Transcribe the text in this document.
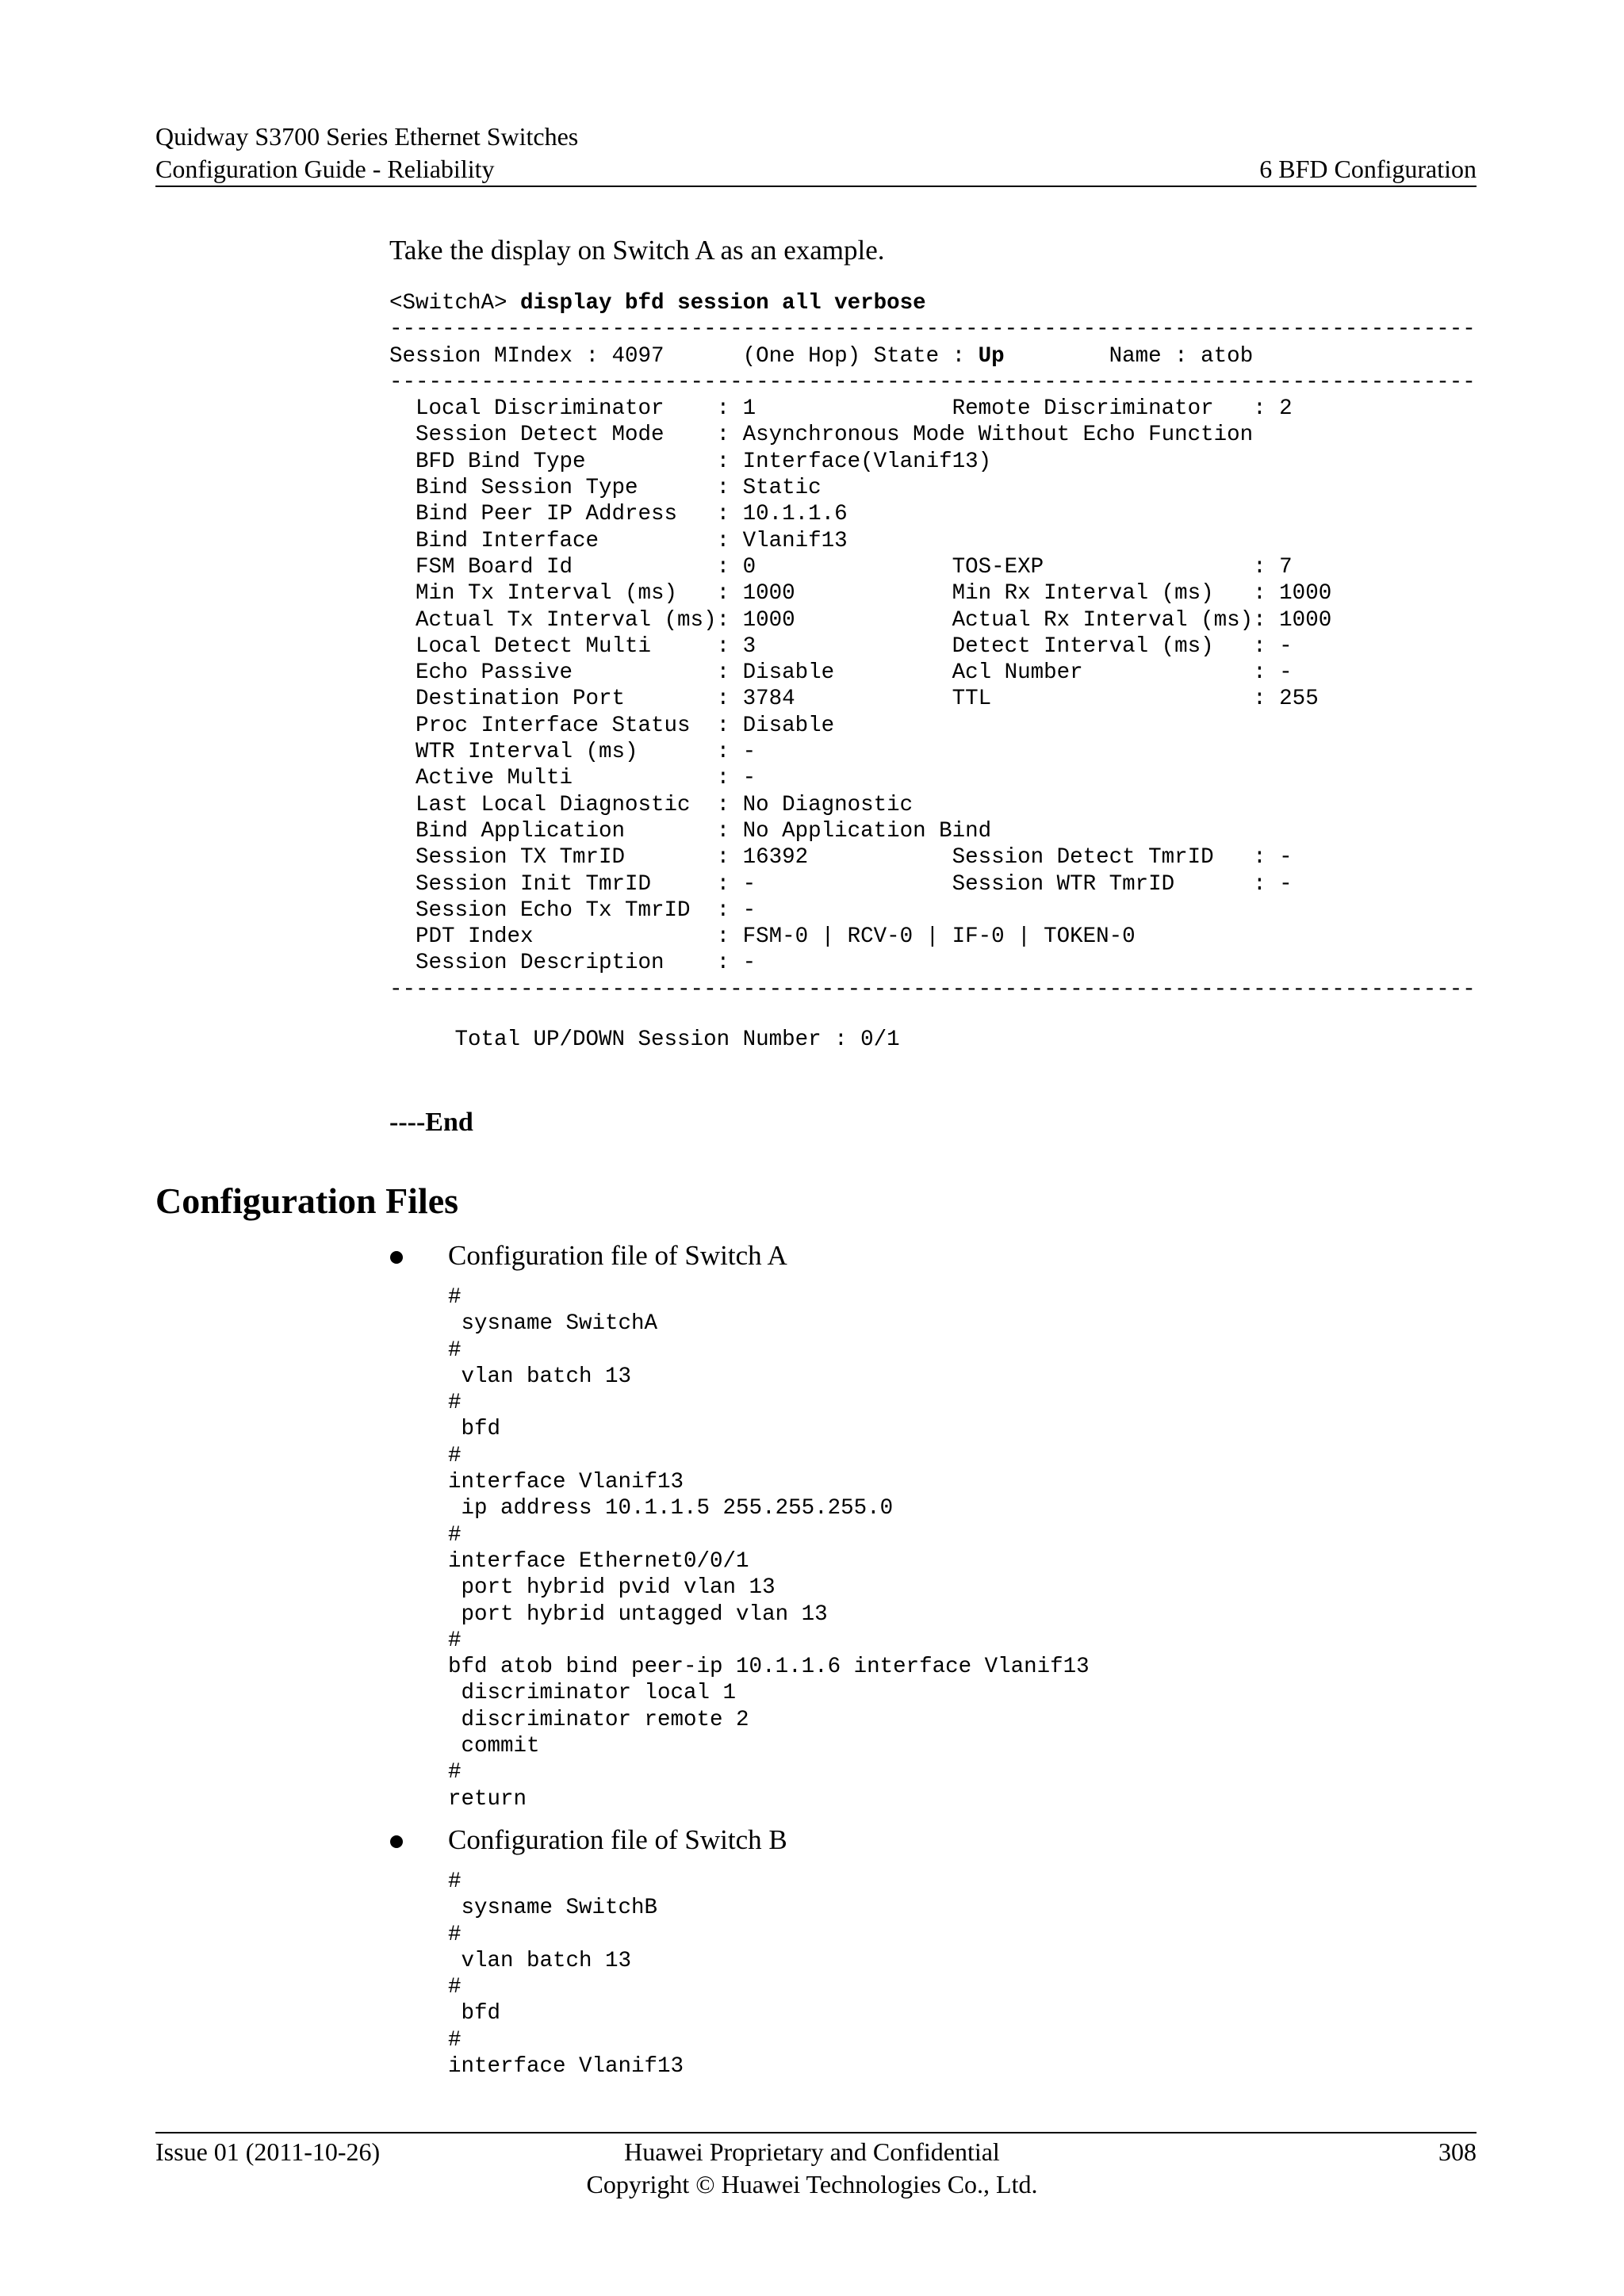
Quidway S3700 Series Ethernet Switches
Configuration Guide - Reliability	6 BFD Configuration
Take the display on Switch A as an example.
<SwitchA> display bfd session all verbose
-----------------------------------------------------------------------------------
Session MIndex : 4097      (One Hop) State : Up        Name : atob
-----------------------------------------------------------------------------------
Local Discriminator    : 1               Remote Discriminator   : 2
Session Detect Mode    : Asynchronous Mode Without Echo Function
BFD Bind Type          : Interface(Vlanif13)
Bind Session Type      : Static
Bind Peer IP Address   : 10.1.1.6
Bind Interface         : Vlanif13
FSM Board Id           : 0               TOS-EXP                : 7
Min Tx Interval (ms)   : 1000            Min Rx Interval (ms)   : 1000
Actual Tx Interval (ms): 1000            Actual Rx Interval (ms): 1000
Local Detect Multi     : 3               Detect Interval (ms)   : -
Echo Passive           : Disable         Acl Number             : -
Destination Port       : 3784            TTL                    : 255
Proc Interface Status  : Disable
WTR Interval (ms)      : -
Active Multi           : -
Last Local Diagnostic  : No Diagnostic
Bind Application       : No Application Bind
Session TX TmrID       : 16392           Session Detect TmrID   : -
Session Init TmrID     : -               Session WTR TmrID      : -
Session Echo Tx TmrID  : -
PDT Index              : FSM-0 | RCV-0 | IF-0 | TOKEN-0
Session Description    : -
-----------------------------------------------------------------------------------
Total UP/DOWN Session Number : 0/1
----End
Configuration Files
Configuration file of Switch A
#
sysname SwitchA
#
vlan batch 13
#
bfd
#
interface Vlanif13
ip address 10.1.1.5 255.255.255.0
#
interface Ethernet0/0/1
port hybrid pvid vlan 13
port hybrid untagged vlan 13
#
bfd atob bind peer-ip 10.1.1.6 interface Vlanif13
discriminator local 1
discriminator remote 2
commit
#
return
Configuration file of Switch B
#
sysname SwitchB
#
vlan batch 13
#
bfd
#
interface Vlanif13
Issue 01 (2011-10-26)	Huawei Proprietary and Confidential
Copyright © Huawei Technologies Co., Ltd.
308
